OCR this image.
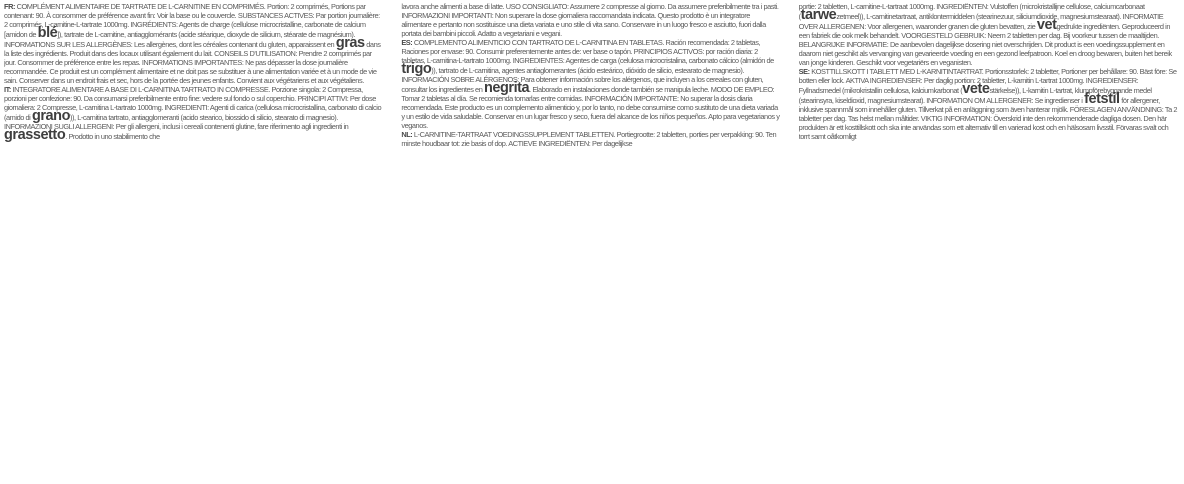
FR: COMPLÉMENT ALIMENTAIRE DE TARTRATE DE L-CARNITINE EN COMPRIMÉS. Portion: 2 comprimés, Portions par contenant: 90. À consommer de préférence avant fin: Voir la base ou le couvercle. SUBSTANCES ACTIVES: Par portion journalière: 2 comprimés, L-carnitine-L-tartrate 1000mg. INGRÉDIENTS: Agents de charge (cellulose microcristalline, carbonate de calcium [amidon de blé]), tartrate de L-carnitine, antiagglomérants (acide stéarique, dioxyde de silicium, stéarate de magnésium). INFORMATIONS SUR LES ALLERGÈNES: Les allergènes, dont les céréales contenant du gluten, apparaissent en gras dans la liste des ingrédients. Produit dans des locaux utilisant également du lait. CONSEILS D'UTILISATION: Prendre 2 comprimés par jour. Consommer de préférence entre les repas. INFORMATIONS IMPORTANTES: Ne pas dépasser la dose journalière recommandée. Ce produit est un complément alimentaire et ne doit pas se substituer à une alimentation variée et à un mode de vie sain. Conserver dans un endroit frais et sec, hors de la portée des jeunes enfants. Convient aux végétariens et aux végétaliens.
IT: INTEGRATORE ALIMENTARE A BASE DI L-CARNITINA TARTRATO IN COMPRESSE. Porzione singola: 2 Compressa, porzioni per confezione: 90. Da consumarsi preferibilmente entro fine: vedere sul fondo o sul coperchio. PRINCIPI ATTIVI: Per dose giornaliera: 2 Compresse, L-carnitina L-tartrato 1000mg. INGREDIENTI: Agenti di carica (cellulosa microcristallina, carbonato di calcio (amido di grano)), L-carnitina tartrato, antiagglomeranti (acido stearico, biossido di silicio, stearato di magnesio). INFORMAZIONI SUGLI ALLERGENI: Per gli allergeni, inclusi i cereali contenenti glutine, fare riferimento agli ingredienti in grassetto. Prodotto in uno stabilimento che
lavora anche alimenti a base di latte. USO CONSIGLIATO: Assumere 2 compresse al giorno. Da assumere preferibilmente tra i pasti. INFORMAZIONI IMPORTANTI: Non superare la dose giornaliera raccomandata indicata. Questo prodotto è un integratore alimentare e pertanto non sostituisce una dieta variata e uno stile di vita sano. Conservare in un luogo fresco e asciutto, fuori dalla portata dei bambini piccoli. Adatto a vegetariani e vegani.
ES: COMPLEMENTO ALIMENTICIO CON TARTRATO DE L-CARNITINA EN TABLETAS. Ración recomendada: 2 tabletas, Raciones por envase: 90. Consumir preferentemente antes de: ver base o tapón. PRINCIPIOS ACTIVOS: por ración diaria: 2 tabletas, L-carnitina-L-tartrato 1000mg. INGREDIENTES: Agentes de carga (celulosa microcristalina, carbonato cálcico (almidón de trigo)), tartrato de L-carnitina, agentes antiaglomerantes (ácido esteárico, dióxido de silicio, estearato de magnesio). INFORMACIÓN SOBRE ALÉRGENOS: Para obtener información sobre los alérgenos, que incluyen a los cereales con gluten, consultar los ingredientes en negrita. Elaborado en instalaciones donde también se manipula leche. MODO DE EMPLEO: Tomar 2 tabletas al día. Se recomienda tomarlas entre comidas. INFORMACIÓN IMPORTANTE: No superar la dosis diaria recomendada. Este producto es un complemento alimenticio y, por lo tanto, no debe consumirse como sustituto de una dieta variada y un estilo de vida saludable. Conservar en un lugar fresco y seco, fuera del alcance de los niños pequeños. Apto para vegetarianos y veganos.
NL: L-CARNITINE-TARTRAAT VOEDINGSSUPPLEMENT TABLETTEN. Portiegrootte: 2 tabletten, porties per verpakking: 90. Ten minste houdbaar tot: zie basis of dop. ACTIEVE INGREDIËNTEN: Per dagelijkse
portie: 2 tabletten, L-carnitine-L-tartraat 1000mg. INGREDIËNTEN: Vulstoffen (microkristallijne cellulose, calciumcarbonaat (tarwezetmeel)), L-carnitinetartraat, antiklontermiddelen (stearinezuur, siliciumdioxide, magnesiumstearaat). INFORMATIE OVER ALLERGENEN: Voor allergenen, waaronder granen die gluten bevatten, zie vetgedrukte ingrediënten. Geproduceerd in een fabriek die ook melk behandelt. VOORGESTELD GEBRUIK: Neem 2 tabletten per dag. Bij voorkeur tussen de maaltijden. BELANGRIJKE INFORMATIE: De aanbevolen dagelijkse dosering niet overschrijden. Dit product is een voedingssupplement en daarom niet geschikt als vervanging van gevarieerde voeding en een gezond leefpatroon. Koel en droog bewaren, buiten het bereik van jonge kinderen. Geschikt voor vegetariërs en veganisten.
SE: KOSTTILLSKOTT I TABLETT MED L-KARNITINTARTRAT. Portionsstorlek: 2 tabletter, Portioner per behållare: 90. Bäst före: Se botten eller lock. AKTIVA INGREDIENSER: Per daglig portion: 2 tabletter, L-karnitin L-tartrat 1000mg. INGREDIENSER: Fyllnadsmedel (mikrokristallin cellulosa, kalciumkarbonat (vetestärkelse)), L-karnitin L-tartrat, klumpförebyggande medel (stearinsyra, kiseldioxid, magnesiumstearat). INFORMATION OM ALLERGENER: Se ingredienser i fetstil för allergener, inklusive spannmål som innehåller gluten. Tillverkat på en anläggning som även hanterar mjölk. FÖRESLAGEN ANVÄNDNING: Ta 2 tabletter per dag. Tas helst mellan måltider. VIKTIG INFORMATION: Överskrid inte den rekommenderade dagliga dosen. Den här produkten är ett kosttillskott och ska inte användas som ett alternativ till en varierad kost och en hälsosam livsstil. Förvaras svalt och torrt samt oåtkomligt
